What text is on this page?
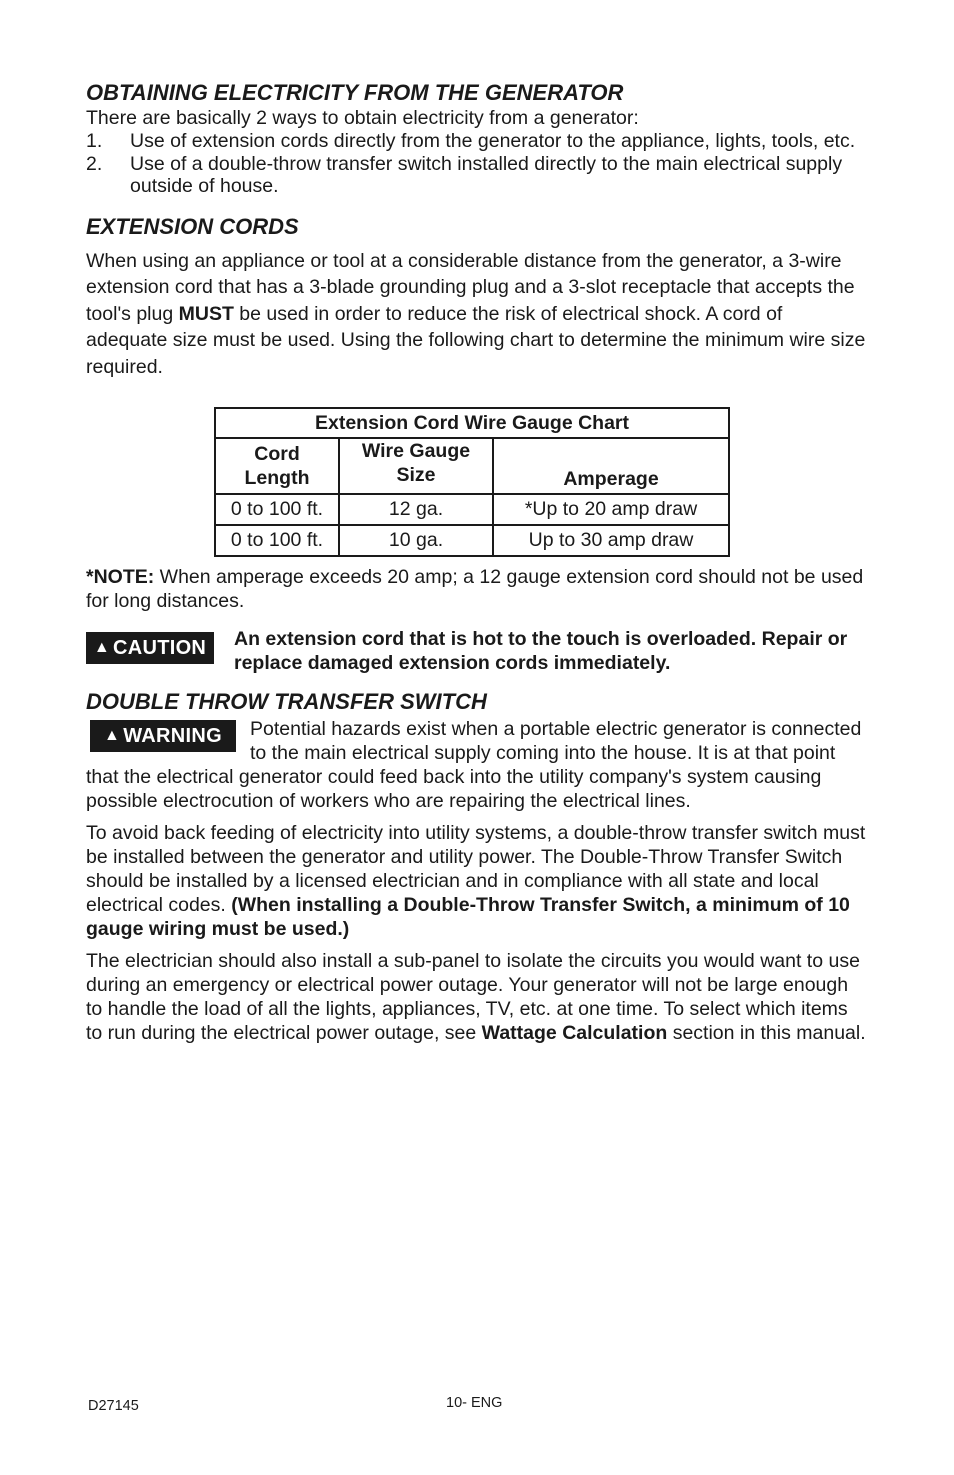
OBTAINING ELECTRICITY FROM THE GENERATOR

There are basically 2 ways to obtain electricity from a generator:

1.	Use of extension cords directly from the generator to the appliance, lights, tools, etc.
2.	Use of a double-throw transfer switch installed directly to the main electrical supply outside of house.
EXTENSION CORDS

When using an appliance or tool at a considerable distance from the generator, a 3-wire extension cord that has a 3-blade grounding plug and a 3-slot receptacle that accepts the tool's plug MUST be used in order to reduce the risk of electrical shock. A cord of adequate size must be used. Using the following chart to determine the minimum wire size required.

Extension Cord Wire Gauge Chart		
Cord Length	Wire Gauge Size	Amperage
0 to 100 ft.	12 ga.	*Up to 20 amp draw
0 to 100 ft.	10 ga.	Up to 30 amp draw

*NOTE: When amperage exceeds 20 amp; a 12 gauge extension cord should not be used for long distances.

▲ CAUTION An extension cord that is hot to the touch is overloaded. Repair or replace damaged extension cords immediately.
DOUBLE THROW TRANSFER SWITCH

▲ WARNING Potential hazards exist when a portable electric generator is connected to the main electrical supply coming into the house. It is at that point that the electrical generator could feed back into the utility company's system causing possible electrocution of workers who are repairing the electrical lines.

To avoid back feeding of electricity into utility systems, a double-throw transfer switch must be installed between the generator and utility power. The Double-Throw Transfer Switch should be installed by a licensed electrician and in compliance with all state and local electrical codes. (When installing a Double-Throw Transfer Switch, a minimum of 10 gauge wiring must be used.)

The electrician should also install a sub-panel to isolate the circuits you would want to use during an emergency or electrical power outage. Your generator will not be large enough to handle the load of all the lights, appliances, TV, etc. at one time. To select which items to run during the electrical power outage, see Wattage Calculation section in this manual.

D27145	10- ENG
